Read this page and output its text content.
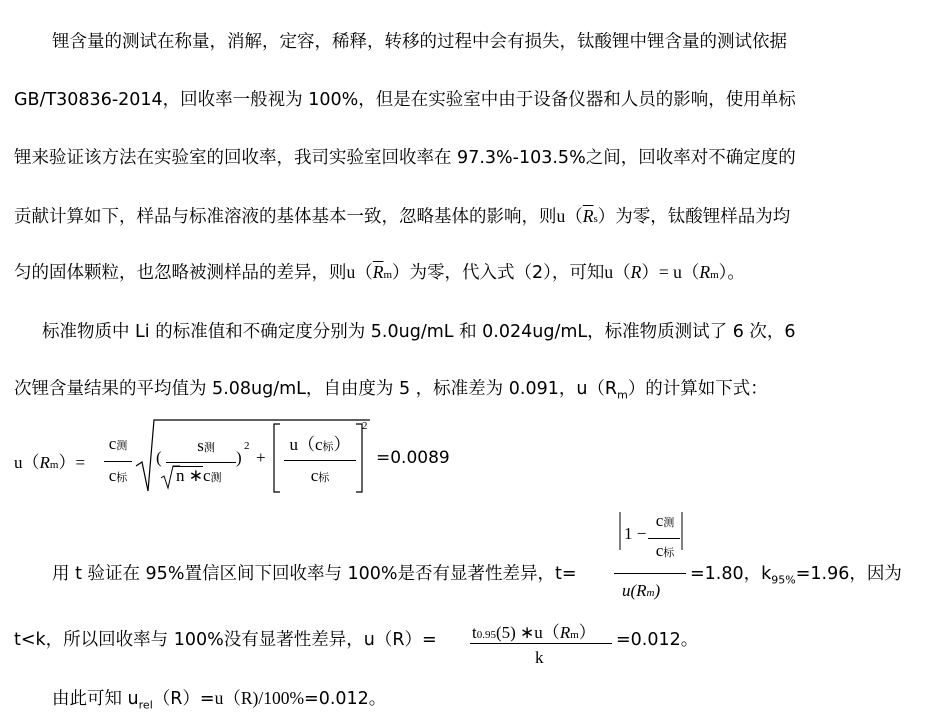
锂含量的测试在称量，消解，定容，稀释，转移的过程中会有损失，钛酸锂中锂含量的测试依据
GB/T30836-2014，回收率一般视为 100%，但是在实验室中由于设备仪器和人员的影响，使用单标
锂来验证该方法在实验室的回收率，我司实验室回收率在 97.3%-103.5%之间，回收率对不确定度的
贡献计算如下，样品与标准溶液的基体基本一致，忽略基体的影响，则$u(\overline{R}s)$为零，钛酸锂样品为均
匀的固体颗粒，也忽略被测样品的差异，则$u(\overline{R}m)$为零，代入式（2），可知u（R）= u（Rm）。
标准物质中 Li 的标准值和不确定度分别为 5.0ug/mL 和 0.024ug/mL，标准物质测试了 6 次，6
次锂含量结果的平均值为 5.08ug/mL，自由度为 5 ，标准差为 0.091，$u(R_m)$的计算如下式：
u（Rm）=
c测
c标
(
s测
n ∗c测
)
2
+
u（c标）
c标
2
=0.0089
用 t 验证在 95%置信区间下回收率与 100%是否有显著性差异，t=
1 −
c测
c标
u(Rm)
=1.80，$k_{95\%}=1.96$，因为
t<k，所以回收率与 100%没有显著性差异，u（R）= t0.95(5) ∗u（Rm）
k
=0.012。
由此可知 $u_{rel}(R)=u(R)/100\%=0.012$。
